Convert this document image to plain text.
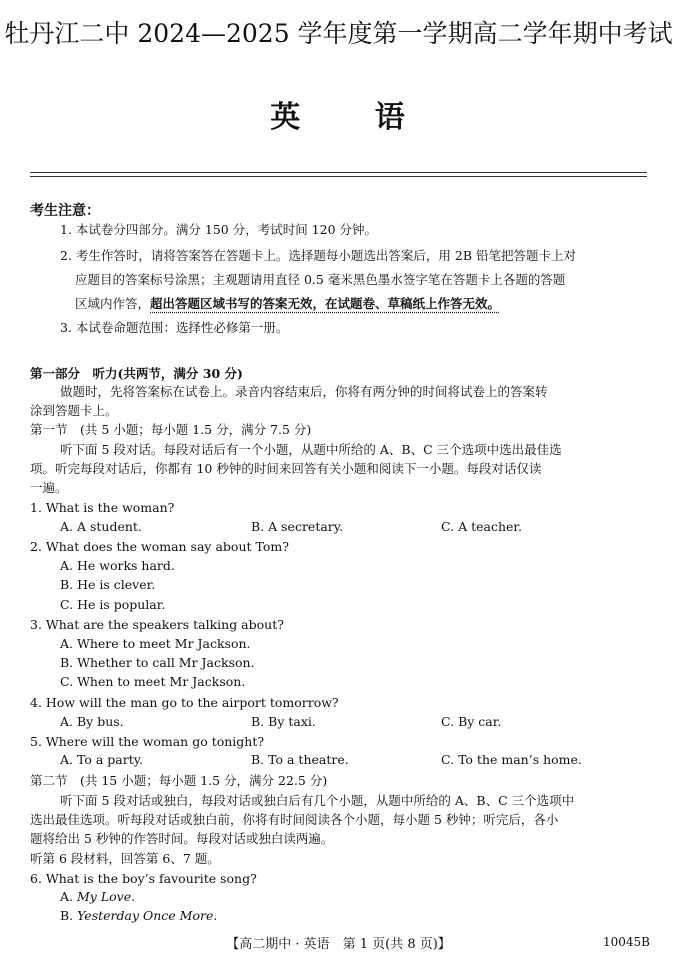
牡丹江二中 2024—2025 学年度第一学期高二学年期中考试
英 语
考生注意：
1. 本试卷分四部分。满分 150 分，考试时间 120 分钟。
2. 考生作答时，请将答案答在答题卡上。选择题每小题选出答案后，用 2B 铅笔把答题卡上对
应题目的答案标号涂黑；主观题请用直径 0.5 毫米黑色墨水签字笔在答题卡上各题的答题
区域内作答，超出答题区域书写的答案无效，在试题卷、草稿纸上作答无效。
3. 本试卷命题范围：选择性必修第一册。
第一部分　听力(共两节，满分 30 分)
做题时，先将答案标在试卷上。录音内容结束后，你将有两分钟的时间将试卷上的答案转
涂到答题卡上。
第一节　(共 5 小题；每小题 1.5 分，满分 7.5 分)
听下面 5 段对话。每段对话后有一个小题，从题中所给的 A、B、C 三个选项中选出最佳选
项。听完每段对话后，你都有 10 秒钟的时间来回答有关小题和阅读下一小题。每段对话仅读
一遍。
1. What is the woman?
A. A student.	B. A secretary.	C. A teacher.
2. What does the woman say about Tom?
A. He works hard.
B. He is clever.
C. He is popular.
3. What are the speakers talking about?
A. Where to meet Mr Jackson.
B. Whether to call Mr Jackson.
C. When to meet Mr Jackson.
4. How will the man go to the airport tomorrow?
A. By bus.	B. By taxi.	C. By car.
5. Where will the woman go tonight?
A. To a party.	B. To a theatre.	C. To the man’s home.
第二节　(共 15 小题；每小题 1.5 分，满分 22.5 分)
听下面 5 段对话或独白，每段对话或独白后有几个小题，从题中所给的 A、B、C 三个选项中
选出最佳选项。听每段对话或独白前，你将有时间阅读各个小题，每小题 5 秒钟；听完后，各小
题将给出 5 秒钟的作答时间。每段对话或独白读两遍。
听第 6 段材料，回答第 6、7 题。
6. What is the boy’s favourite song?
A. My Love.
B. Yesterday Once More.
【高二期中 · 英语　第 1 页(共 8 页)】	10045B
